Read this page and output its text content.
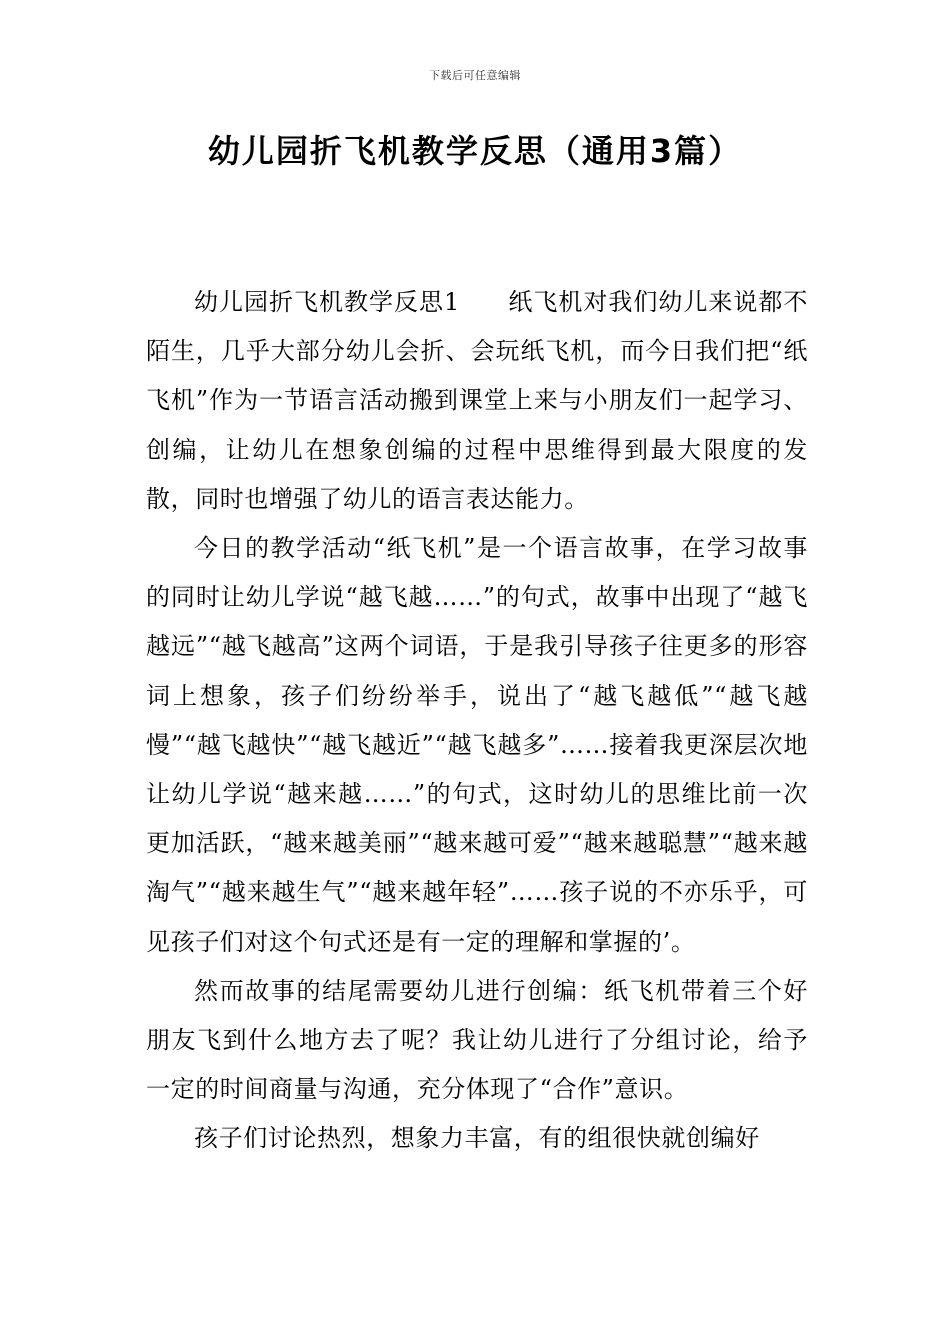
下载后可任意编辑
幼儿园折飞机教学反思（通用3篇）

幼儿园折飞机教学反思1 纸飞机对我们幼儿来说都不陌生，几乎大部分幼儿会折、会玩纸飞机，而今日我们把“纸飞机”作为一节语言活动搬到课堂上来与小朋友们一起学习、创编，让幼儿在想象创编的过程中思维得到最大限度的发散，同时也增强了幼儿的语言表达能力。

今日的教学活动“纸飞机”是一个语言故事，在学习故事的同时让幼儿学说“越飞越……”的句式，故事中出现了“越飞越远”“越飞越高”这两个词语，于是我引导孩子往更多的形容词上想象，孩子们纷纷举手，说出了“越飞越低”“越飞越慢”“越飞越快”“越飞越近”“越飞越多”……接着我更深层次地让幼儿学说“越来越……”的句式，这时幼儿的思维比前一次更加活跃，“越来越美丽”“越来越可爱”“越来越聪慧”“越来越淘气”“越来越生气”“越来越年轻”……孩子说的不亦乐乎，可见孩子们对这个句式还是有一定的理解和掌握的’。

然而故事的结尾需要幼儿进行创编：纸飞机带着三个好朋友飞到什么地方去了呢？我让幼儿进行了分组讨论，给予一定的时间商量与沟通，充分体现了“合作”意识。

孩子们讨论热烈，想象力丰富，有的组很快就创编好
